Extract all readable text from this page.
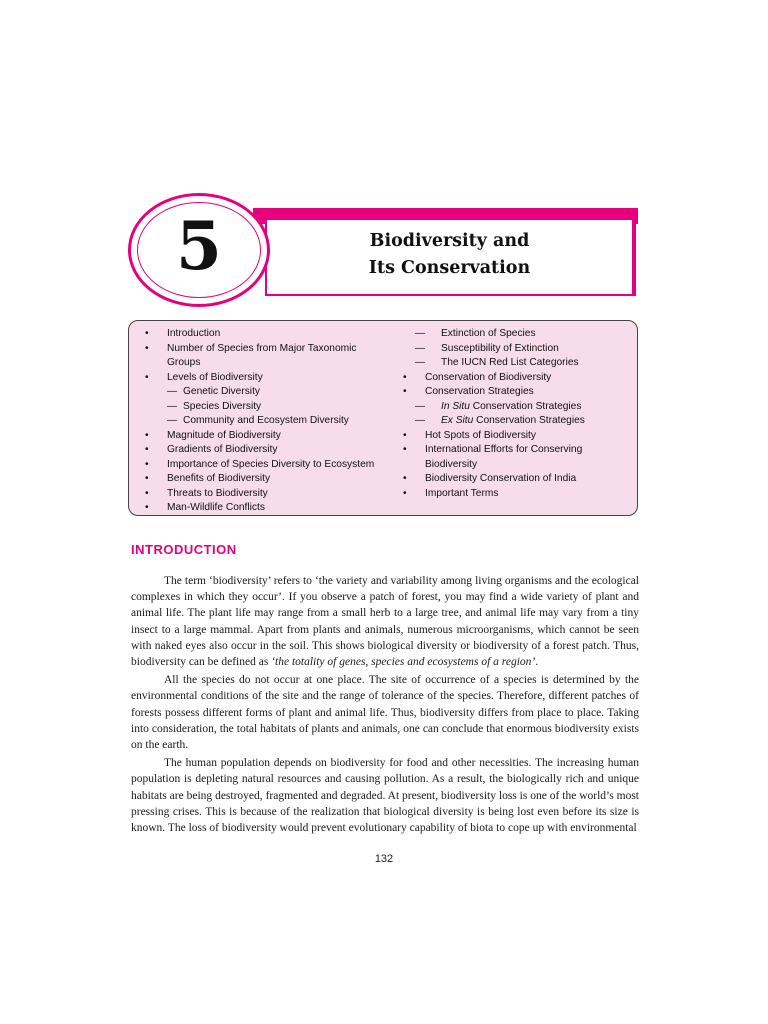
Biodiversity and
Its Conservation
5
• Introduction
• Number of Species from Major Taxonomic
Groups
• Levels of Biodiversity
— Genetic Diversity
— Species Diversity
— Community and Ecosystem Diversity
• Magnitude of Biodiversity
• Gradients of Biodiversity
• Importance of Species Diversity to Ecosystem
• Benefits of Biodiversity
• Threats to Biodiversity
• Man-Wildlife Conflicts
— Extinction of Species
— Susceptibility of Extinction
— The IUCN Red List Categories
• Conservation of Biodiversity
• Conservation Strategies
— In Situ Conservation Strategies
— Ex Situ Conservation Strategies
• Hot Spots of Biodiversity
• International Efforts for Conserving
Biodiversity
• Biodiversity Conservation of India
• Important Terms
INTRODUCTION

The term ‘biodiversity’ refers to ‘the variety and variability among living organisms and the ecological complexes in which they occur’. If you observe a patch of forest, you may find a wide variety of plant and animal life. The plant life may range from a small herb to a large tree, and animal life may vary from a tiny insect to a large mammal. Apart from plants and animals, numerous microorganisms, which cannot be seen with naked eyes also occur in the soil. This shows biological diversity or biodiversity of a forest patch. Thus, biodiversity can be defined as ‘the totality of genes, species and ecosystems of a region’.

All the species do not occur at one place. The site of occurrence of a species is determined by the environmental conditions of the site and the range of tolerance of the species. Therefore, different patches of forests possess different forms of plant and animal life. Thus, biodiversity differs from place to place. Taking into consideration, the total habitats of plants and animals, one can conclude that enormous biodiversity exists on the earth.

The human population depends on biodiversity for food and other necessities. The increasing human population is depleting natural resources and causing pollution. As a result, the biologically rich and unique habitats are being destroyed, fragmented and degraded. At present, biodiversity loss is one of the world’s most pressing crises. This is because of the realization that biological diversity is being lost even before its size is known. The loss of biodiversity would prevent evolutionary capability of biota to cope up with environmental

132
